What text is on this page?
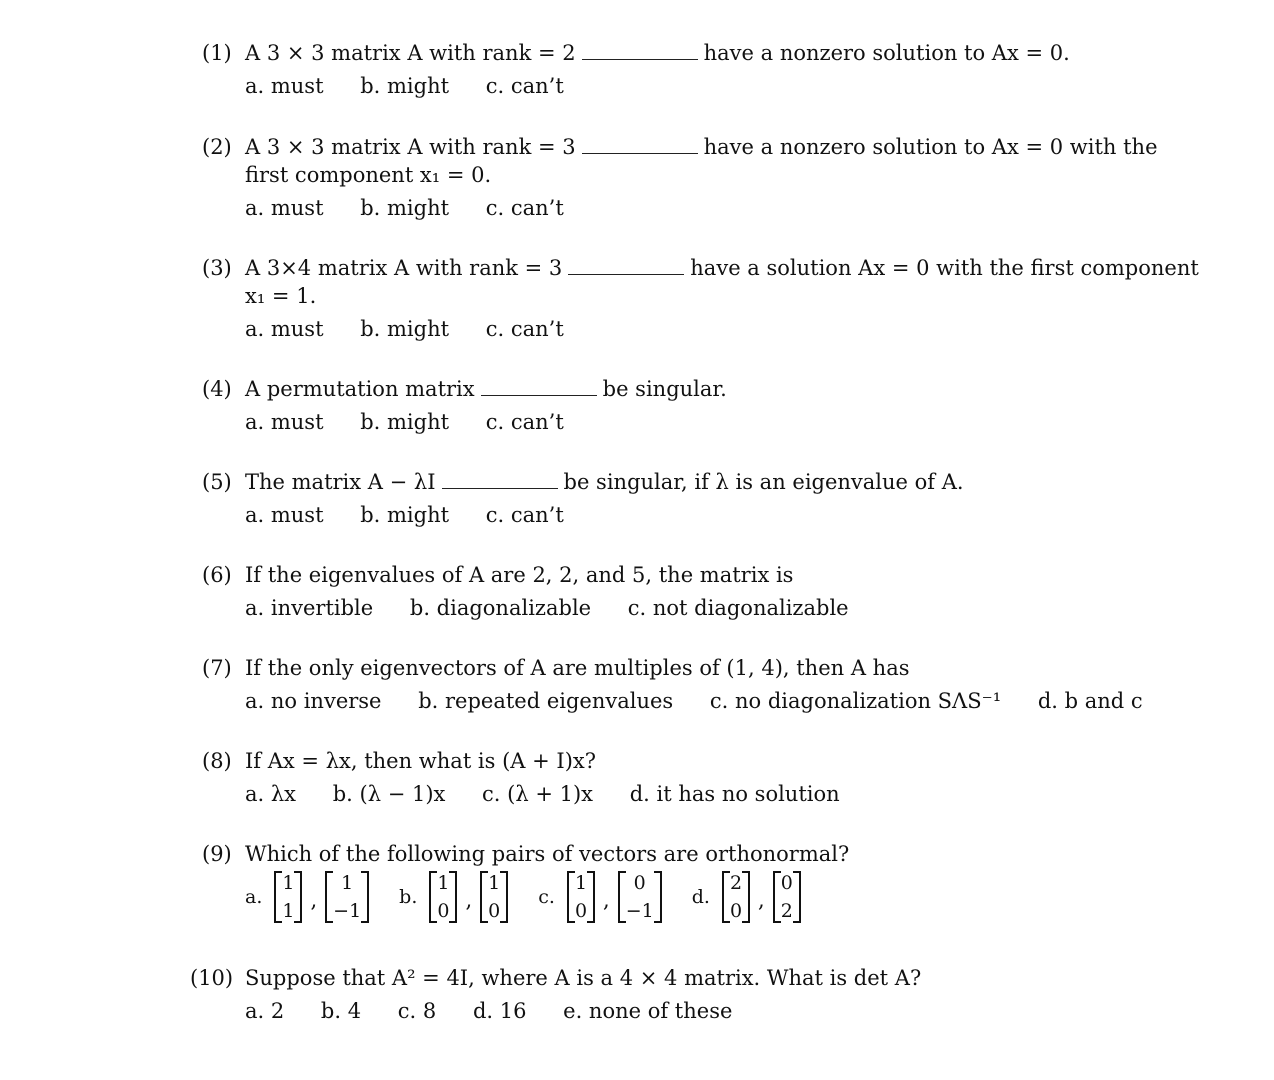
(1) A 3 × 3 matrix A with rank = 2	have a nonzero solution to Ax = 0.
a. must b. might c. can’t
(2) A 3 × 3 matrix A with rank = 3	have a nonzero solution to Ax = 0 with the
first component x₁ = 0.
a. must b. might c. can’t
(3) A 3×4 matrix A with rank = 3	have a solution Ax = 0 with the first component
x₁ = 1.
a. must b. might c. can’t
(4) A permutation matrix	be singular.
a. must b. might c. can’t
(5) The matrix A − λI	be singular, if λ is an eigenvalue of A.
a. must b. might c. can’t
(6) If the eigenvalues of A are 2, 2, and 5, the matrix is
a. invertible b. diagonalizable c. not diagonalizable
(7) If the only eigenvectors of A are multiples of (1, 4), then A has
a. no inverse b. repeated eigenvalues c. no diagonalization SΛS⁻¹ d. b and c
(8) If Ax = λx, then what is (A + I)x?
a. λx b. (λ − 1)x c. (λ + 1)x d. it has no solution
(9) Which of the following pairs of vectors are orthonormal?
a.
1
1 ,
1
−1
b.
1
0 ,
1
0
c.
1
0 ,
0
−1
d.
2
0 ,
0
2
(10) Suppose that A² = 4I, where A is a 4 × 4 matrix. What is det A?
a. 2 b. 4 c. 8 d. 16 e. none of these
